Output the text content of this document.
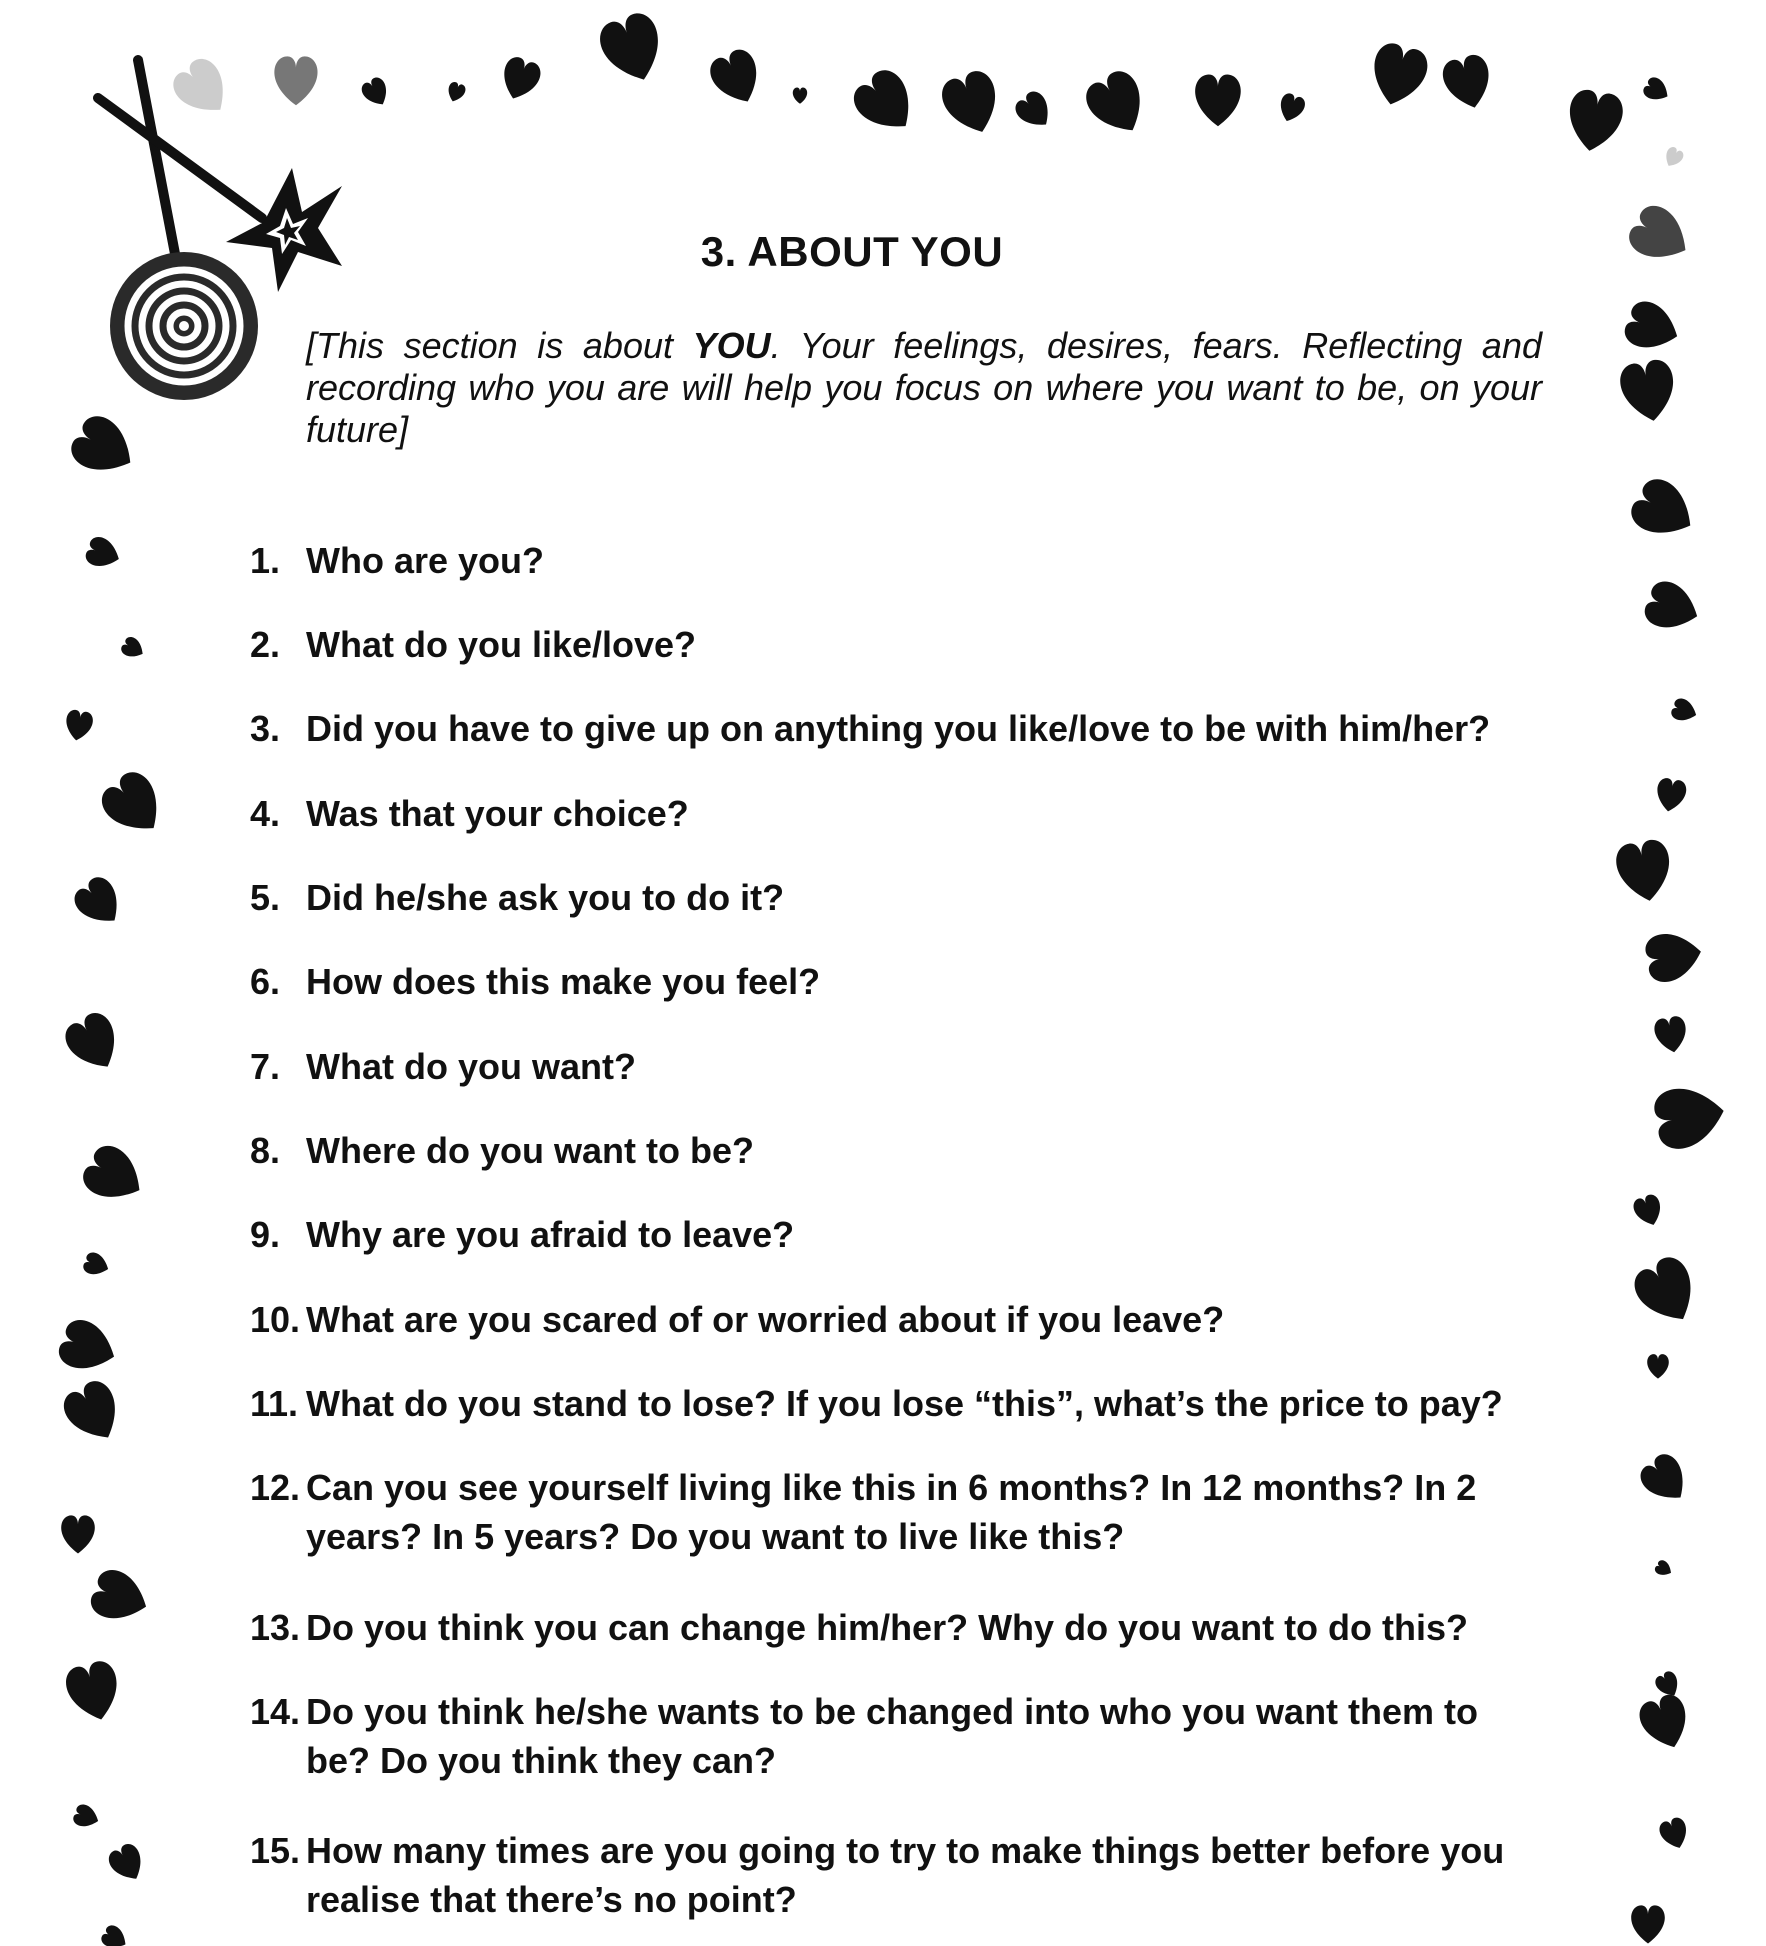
3. ABOUT YOU

[This section is about YOU. Your feelings, desires, fears. Reflecting and recording who you are will help you focus on where you want to be, on your future]

1. Who are you?
2. What do you like/love?
3. Did you have to give up on anything you like/love to be with him/her?
4. Was that your choice?
5. Did he/she ask you to do it?
6. How does this make you feel?
7. What do you want?
8. Where do you want to be?
9. Why are you afraid to leave?
10. What are you scared of or worried about if you leave?
11. What do you stand to lose? If you lose “this”, what’s the price to pay?
12. Can you see yourself living like this in 6 months? In 12 months? In 2 years? In 5 years? Do you want to live like this?
13. Do you think you can change him/her? Why do you want to do this?
14. Do you think he/she wants to be changed into who you want them to be? Do you think they can?
15. How many times are you going to try to make things better before you realise that there’s no point?
